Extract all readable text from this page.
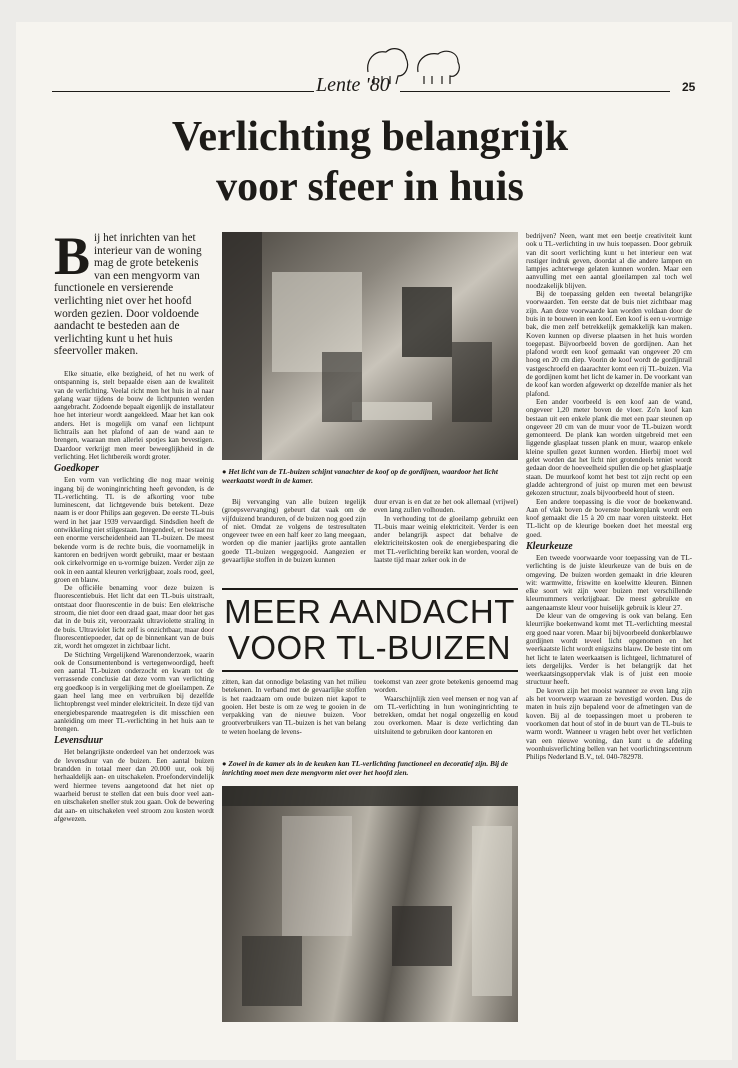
Lente '80	25
Verlichting belangrijk
voor sfeer in huis
Bij het inrichten van het interieur van de woning mag de grote betekenis van een mengvorm van functionele en versierende verlichting niet over het hoofd worden gezien. Door voldoende aandacht te besteden aan de verlichting kunt u het huis sfeervoller maken.

Elke situatie, elke bezigheid, of het nu werk of ontspanning is, stelt bepaalde eisen aan de kwaliteit van de verlichting. Veelal richt men het huis in al naar gelang waar tijdens de bouw de lichtpunten werden aangebracht. Zodoende bepaalt eigenlijk de installateur hoe het interieur wordt aangekleed. Maar het kan ook anders. Het is mogelijk om vanaf een lichtpunt lichtrails aan het plafond of aan de wand aan te brengen, waaraan men allerlei spotjes kan bevestigen. Daardoor verkrijgt men meer beweeglijkheid in de verlichting. Het lichtbereik wordt groter.

Goedkoper

Een vorm van verlichting die nog maar weinig ingang bij de woninginrichting heeft gevonden, is de TL-verlichting. TL is de afkorting voor tube luminescent, dat lichtgevende buis betekent. Deze naam is er door Philips aan gegeven. De eerste TL-buis werd in het jaar 1939 vervaardigd. Sindsdien heeft de ontwikkeling niet stilgestaan. Integendeel, er bestaat nu een enorme verscheidenheid aan TL-buizen. De meest bekende vorm is de rechte buis, die voornamelijk in kantoren en bedrijven wordt gebruikt, maar er bestaan ook cirkelvormige en u-vormige buizen. Verder zijn ze ook in een aantal kleuren verkrijgbaar, zoals rood, geel, groen en blauw.

De officiële benaming voor deze buizen is fluorescentiebuis. Het licht dat een TL-buis uitstraalt, ontstaat door fluorescentie in de buis: Een elektrische stroom, die niet door een draad gaat, maar door het gas dat in de buis zit, veroorzaakt ultraviolette straling in de buis. Ultraviolet licht zelf is onzichtbaar, maar door fluorescentiepoeder, dat op de binnenkant van de buis zit, wordt het omgezet in zichtbaar licht.

De Stichting Vergelijkend Warenonderzoek, waarin ook de Consumentenbond is vertegenwoordigd, heeft een aantal TL-buizen onderzocht en kwam tot de verrassende conclusie dat deze vorm van verlichting erg goedkoop is in vergelijking met de gloeilampen. Ze gaan heel lang mee en verbruiken bij dezelfde lichtopbrengst veel minder elektriciteit. In deze tijd van energiebesparende maatregelen is dit misschien een aanleiding om meer TL-verlichting in het huis aan te brengen.

Levensduur

Het belangrijkste onderdeel van het onderzoek was de levensduur van de buizen. Een aantal buizen brandden in totaal meer dan 20.000 uur, ook bij herhaaldelijk aan- en uitschakelen. Proefondervindelijk werd hiermee tevens aangetoond dat het niet op waarheid berust te stellen dat een buis door veel aan- en uitschakelen sneller stuk zou gaan. Ook de bewering dat aan- en uitschakelen veel stroom zou kosten wordt afgewezen.

● Het licht van de TL-buizen schijnt vanachter de koof op de gordijnen, waardoor het licht weerkaatst wordt in de kamer.

Bij vervanging van alle buizen tegelijk (groepsvervanging) gebeurt dat vaak om de vijfduizend branduren, of de buizen nog goed zijn of niet. Omdat ze volgens de testresultaten ongeveer twee en een half keer zo lang meegaan, worden op die manier jaarlijks grote aantallen goede TL-buizen weggegooid. Aangezien er gevaarlijke stoffen in de buizen kunnen

duur ervan is en dat ze het ook allemaal (vrijwel) even lang zullen volhouden.

In verhouding tot de gloeilamp gebruikt een TL-buis maar weinig elektriciteit. Verder is een ander belangrijk aspect dat behalve de elektriciteitskosten ook de energiebesparing die met TL-verlichting bereikt kan worden, vooral de laatste tijd maar zeker ook in de

MEER AANDACHT VOOR TL-BUIZEN

zitten, kan dat onnodige belasting van het milieu betekenen. In verband met de gevaarlijke stoffen is het raadzaam om oude buizen niet kapot te gooien. Het beste is om ze weg te gooien in de verpakking van de nieuwe buizen. Voor grootverbruikers van TL-buizen is het van belang te weten hoelang de levens-

toekomst van zeer grote betekenis genoemd mag worden.

Waarschijnlijk zien veel mensen er nog van af om TL-verlichting in hun woninginrichting te betrekken, omdat het nogal ongezellig en koud zou overkomen. Maar is deze verlichting dan uitsluitend te gebruiken door kantoren en

● Zowel in de kamer als in de keuken kan TL-verlichting functioneel en decoratief zijn. Bij de inrichting moet men deze mengvorm niet over het hoofd zien.

bedrijven? Neen, want met een beetje creativiteit kunt ook u TL-verlichting in uw huis toepassen. Door gebruik van dit soort verlichting kunt u het interieur een wat rustiger indruk geven, doordat al die andere lampen en lampjes achterwege gelaten kunnen worden. Maar een aanvulling met een aantal gloeilampen zal toch wel noodzakelijk blijven.

Bij de toepassing gelden een tweetal belangrijke voorwaarden. Ten eerste dat de buis niet zichtbaar mag zijn. Aan deze voorwaarde kan worden voldaan door de buis in te bouwen in een koof. Een koof is een u-vormige bak, die men zelf betrekkelijk gemakkelijk kan maken. Koven kunnen op diverse plaatsen in het huis worden toegepast. Bijvoorbeeld boven de gordijnen. Aan het plafond wordt een koof gemaakt van ongeveer 20 cm hoog en 20 cm diep. Voorin de koof wordt de gordijnrail vastgeschroefd en daarachter komt een rij TL-buizen. Via de gordijnen komt het licht de kamer in. De voorkant van de koof kan worden afgewerkt op dezelfde manier als het plafond.

Een ander voorbeeld is een koof aan de wand, ongeveer 1,20 meter boven de vloer. Zo'n koof kan bestaan uit een enkele plank die met een paar steunen op ongeveer 20 cm van de muur voor de TL-buizen wordt gemonteerd. De plank kan worden uitgebreid met een liggende glasplaat tussen plank en muur, waarop enkele kleine spullen gezet kunnen worden. Hierbij moet wel gelet worden dat het licht niet grotendeels teniet wordt gedaan door de hoeveelheid spullen die op het glasplaatje staan. De muurkoof komt het best tot zijn recht op een gladde achtergrond of juist op muren met een bewust gekozen structuur, zoals bijvoorbeeld hout of steen.

Een andere toepassing is die voor de boekenwand. Aan of vlak boven de bovenste boekenplank wordt een koof gemaakt die 15 à 20 cm naar voren uitsteekt. Het TL-licht op de kleurige boeken doet het meestal erg goed.

Kleurkeuze

Een tweede voorwaarde voor toepassing van de TL-verlichting is de juiste kleurkeuze van de buis en de omgeving. De buizen worden gemaakt in drie kleuren wit: warmwitte, friswitte en koelwitte kleuren. Binnen elke soort wit zijn weer buizen met verschillende kleurnummers verkrijgbaar. De meest gebruikte en aangenaamste kleur voor huiselijk gebruik is kleur 27.

De kleur van de omgeving is ook van belang. Een kleurrijke boekenwand komt met TL-verlichting meestal erg goed naar voren. Maar bij bijvoorbeeld donkerblauwe gordijnen wordt teveel licht opgenomen en het weerkaatste licht wordt enigszins blauw. De beste tint om het licht te laten weerkaatsen is lichtgeel, lichtnaturel of iets dergelijks. Verder is het belangrijk dat het weerkaatsingsoppervlak vlak is of juist een mooie structuur heeft.

De koven zijn het mooist wanneer ze even lang zijn als het voorwerp waaraan ze bevestigd worden. Dus de maten in huis zijn bepalend voor de afmetingen van de koven. Bij al de toepassingen moet u proberen te voorkomen dat hout of stof in de buurt van de TL-buis te warm wordt. Wanneer u vragen hebt over het verlichten van een nieuwe woning, dan kunt u de afdeling woonhuisverlichting bellen van het voorlichtingscentrum Philips Nederland B.V., tel. 040-782978.
